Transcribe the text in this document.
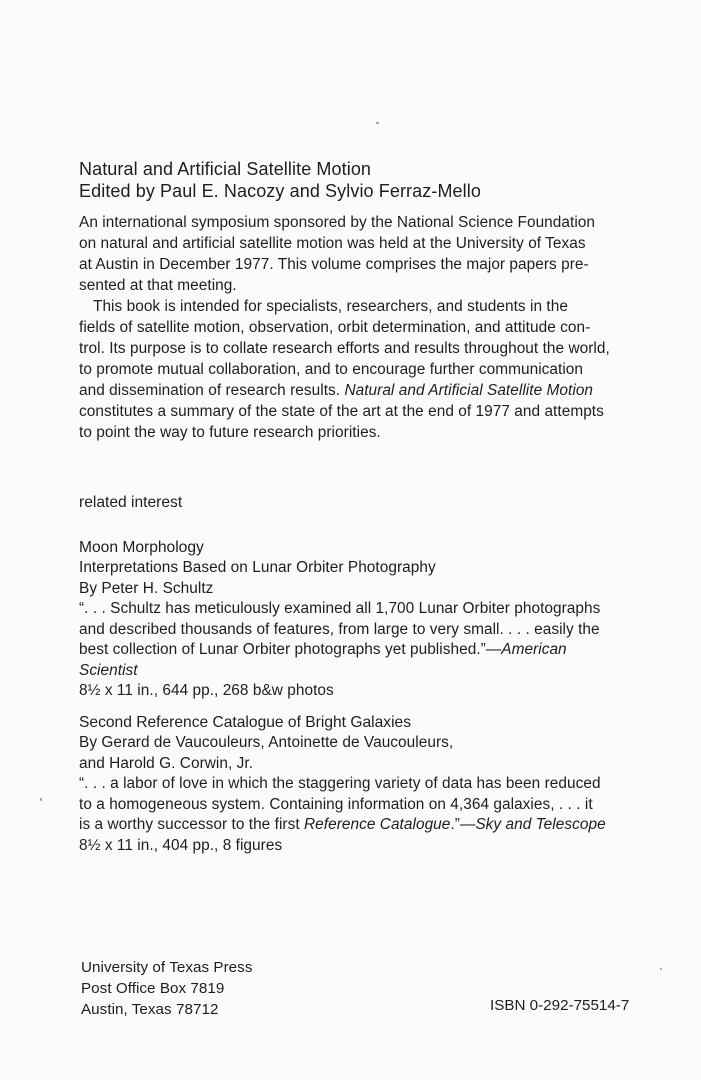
Natural and Artificial Satellite Motion
Edited by Paul E. Nacozy and Sylvio Ferraz-Mello
An international symposium sponsored by the National Science Foundation
on natural and artificial satellite motion was held at the University of Texas
at Austin in December 1977. This volume comprises the major papers pre-
sented at that meeting.
This book is intended for specialists, researchers, and students in the
fields of satellite motion, observation, orbit determination, and attitude con-
trol. Its purpose is to collate research efforts and results throughout the world,
to promote mutual collaboration, and to encourage further communication
and dissemination of research results. Natural and Artificial Satellite Motion
constitutes a summary of the state of the art at the end of 1977 and attempts
to point the way to future research priorities.
related interest
Moon Morphology
Interpretations Based on Lunar Orbiter Photography
By Peter H. Schultz
“. . . Schultz has meticulously examined all 1,700 Lunar Orbiter photographs
and described thousands of features, from large to very small. . . . easily the
best collection of Lunar Orbiter photographs yet published.”—American
Scientist
8½ x 11 in., 644 pp., 268 b&w photos
Second Reference Catalogue of Bright Galaxies
By Gerard de Vaucouleurs, Antoinette de Vaucouleurs,
and Harold G. Corwin, Jr.
“. . . a labor of love in which the staggering variety of data has been reduced
to a homogeneous system. Containing information on 4,364 galaxies, . . . it
is a worthy successor to the first Reference Catalogue.”—Sky and Telescope
8½ x 11 in., 404 pp., 8 figures
University of Texas Press
Post Office Box 7819
Austin, Texas 78712	ISBN 0-292-75514-7
